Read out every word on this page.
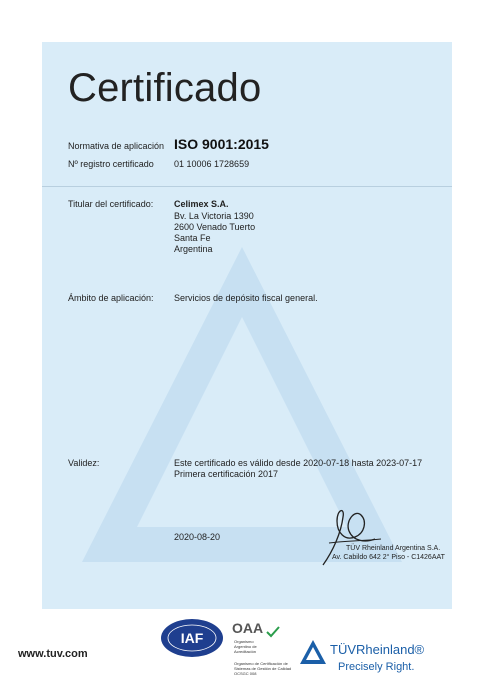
Certificado
Normativa de aplicación ISO 9001:2015
Nº registro certificado 01 10006 1728659
Titular del certificado: Celimex S.A.
Bv. La Victoria 1390
2600 Venado Tuerto
Santa Fe
Argentina
Ámbito de aplicación: Servicios de depósito fiscal general.
Validez:	Este certificado es válido desde 2020-07-18 hasta 2023-07-17
Primera certificación 2017
2020-08-20
TÜV Rheinland Argentina S.A.
Av. Cabildo 642 2° Piso - C1426AAT
www.tuv.com
IAF
OAA
Organismo
Argentino de
Acreditación
Organismo de Certificación de
Sistemas de Gestión de Calidad
OCSGC 008
TÜVRheinland®
Precisely Right.
